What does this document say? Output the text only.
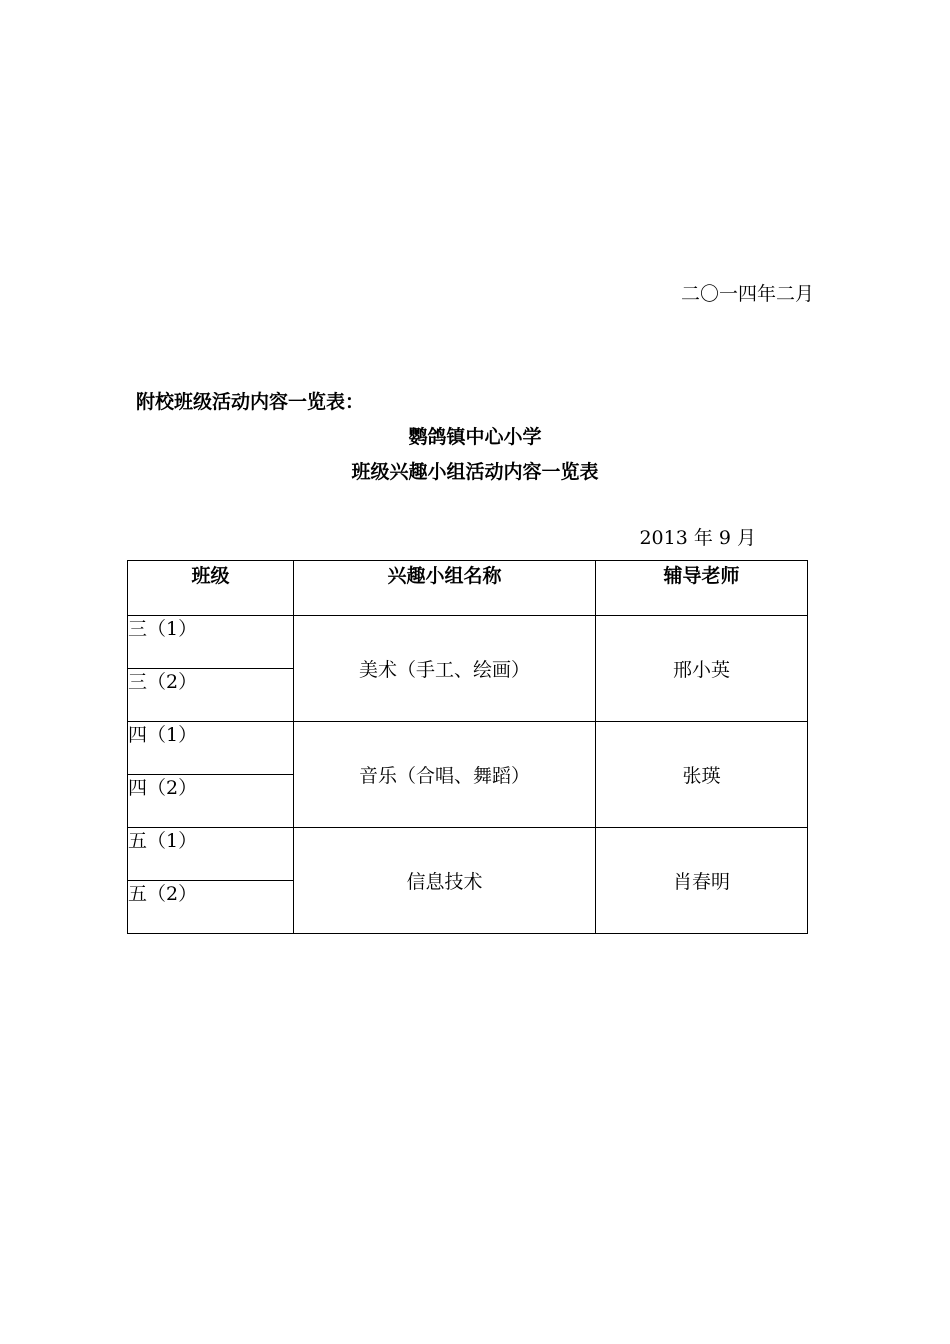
二〇一四年二月
附校班级活动内容一览表：
鹦鸽镇中心小学
班级兴趣小组活动内容一览表
2013 年 9 月
班级	兴趣小组名称	辅导老师
三（1）	美术（手工、绘画）	邢小英
三（2）		
四（1）	音乐（合唱、舞蹈）	张瑛
四（2）		
五（1）	信息技术	肖春明
五（2）		
